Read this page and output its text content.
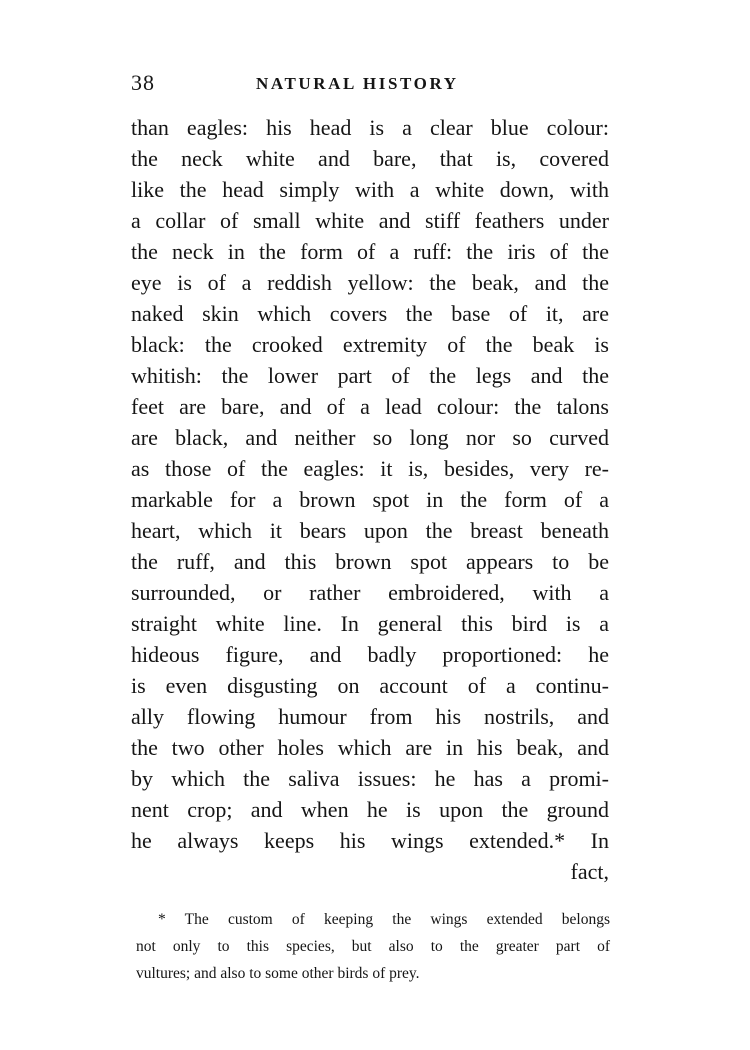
38	NATURAL HISTORY
than eagles: his head is a clear blue colour:
the neck white and bare, that is, covered
like the head simply with a white down, with
a collar of small white and stiff feathers under
the neck in the form of a ruff: the iris of the
eye is of a reddish yellow: the beak, and the
naked skin which covers the base of it, are
black: the crooked extremity of the beak is
whitish: the lower part of the legs and the
feet are bare, and of a lead colour: the talons
are black, and neither so long nor so curved
as those of the eagles: it is, besides, very re-
markable for a brown spot in the form of a
heart, which it bears upon the breast beneath
the ruff, and this brown spot appears to be
surrounded, or rather embroidered, with a
straight white line. In general this bird is a
hideous figure, and badly proportioned: he
is even disgusting on account of a continu-
ally flowing humour from his nostrils, and
the two other holes which are in his beak, and
by which the saliva issues: he has a promi-
nent crop; and when he is upon the ground
he always keeps his wings extended.* In
fact,
* The custom of keeping the wings extended belongs
not only to this species, but also to the greater part of
vultures; and also to some other birds of prey.
